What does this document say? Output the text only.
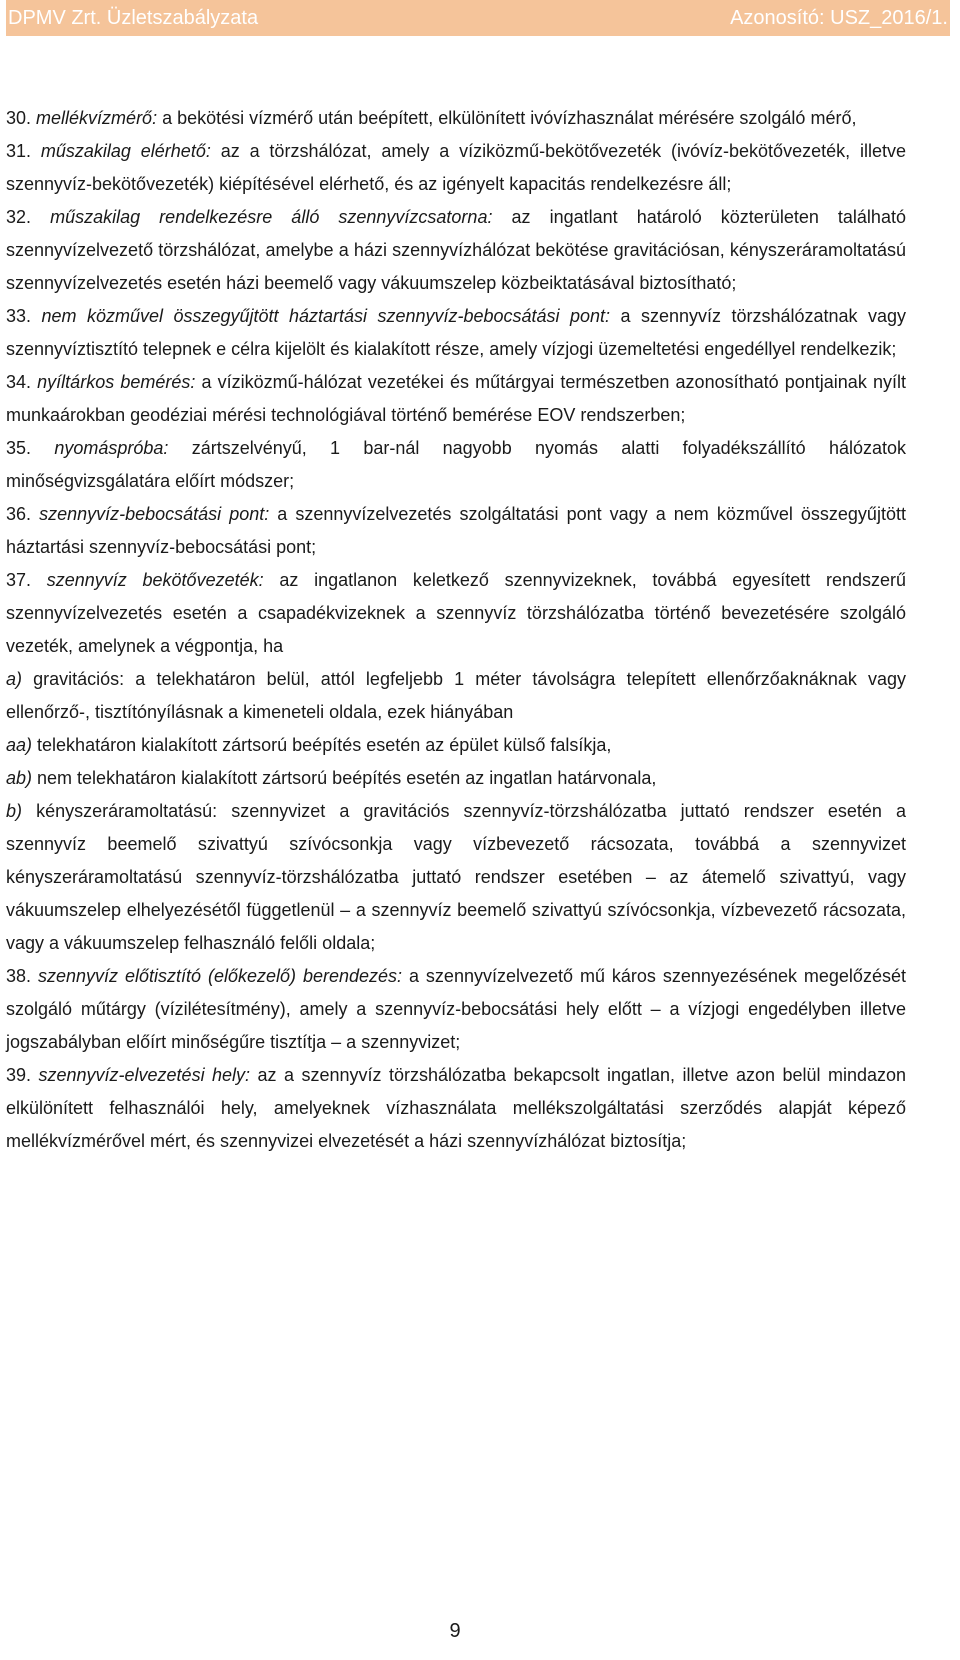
DPMV Zrt. Üzletszabályzata	Azonosító: USZ_2016/1.

30. mellékvízmérő: a bekötési vízmérő után beépített, elkülönített ivóvízhasználat mérésére szolgáló mérő,

31. műszakilag elérhető: az a törzshálózat, amely a víziközmű-bekötővezeték (ivóvíz-bekötővezeték, illetve szennyvíz-bekötővezeték) kiépítésével elérhető, és az igényelt kapacitás rendelkezésre áll;

32. műszakilag rendelkezésre álló szennyvízcsatorna: az ingatlant határoló közterületen található szennyvízelvezető törzshálózat, amelybe a házi szennyvízhálózat bekötése gravitációsan, kényszeráramoltatású szennyvízelvezetés esetén házi beemelő vagy vákuumszelep közbeiktatásával biztosítható;

33. nem közművel összegyűjtött háztartási szennyvíz-bebocsátási pont: a szennyvíz törzshálózatnak vagy szennyvíztisztító telepnek e célra kijelölt és kialakított része, amely vízjogi üzemeltetési engedéllyel rendelkezik;

34. nyíltárkos bemérés: a víziközmű-hálózat vezetékei és műtárgyai természetben azonosítható pontjainak nyílt munkaárokban geodéziai mérési technológiával történő bemérése EOV rendszerben;

35. nyomáspróba: zártszelvényű, 1 bar-nál nagyobb nyomás alatti folyadékszállító hálózatok minőségvizsgálatára előírt módszer;

36. szennyvíz-bebocsátási pont: a szennyvízelvezetés szolgáltatási pont vagy a nem közművel összegyűjtött háztartási szennyvíz-bebocsátási pont;

37. szennyvíz bekötővezeték: az ingatlanon keletkező szennyvizeknek, továbbá egyesített rendszerű szennyvízelvezetés esetén a csapadékvizeknek a szennyvíz törzshálózatba történő bevezetésére szolgáló vezeték, amelynek a végpontja, ha

a) gravitációs: a telekhatáron belül, attól legfeljebb 1 méter távolságra telepített ellenőrzőaknáknak vagy ellenőrző-, tisztítónyílásnak a kimeneteli oldala, ezek hiányában

aa) telekhatáron kialakított zártsorú beépítés esetén az épület külső falsíkja,

ab) nem telekhatáron kialakított zártsorú beépítés esetén az ingatlan határvonala,

b) kényszeráramoltatású: szennyvizet a gravitációs szennyvíz-törzshálózatba juttató rendszer esetén a szennyvíz beemelő szivattyú szívócsonkja vagy vízbevezető rácsozata, továbbá a szennyvizet kényszeráramoltatású szennyvíz-törzshálózatba juttató rendszer esetében – az átemelő szivattyú, vagy vákuumszelep elhelyezésétől függetlenül – a szennyvíz beemelő szivattyú szívócsonkja, vízbevezető rácsozata, vagy a vákuumszelep felhasználó felőli oldala;

38. szennyvíz előtisztító (előkezelő) berendezés: a szennyvízelvezető mű káros szennyezésének megelőzését szolgáló műtárgy (vízilétesítmény), amely a szennyvíz-bebocsátási hely előtt – a vízjogi engedélyben illetve jogszabályban előírt minőségűre tisztítja – a szennyvizet;

39. szennyvíz-elvezetési hely: az a szennyvíz törzshálózatba bekapcsolt ingatlan, illetve azon belül mindazon elkülönített felhasználói hely, amelyeknek vízhasználata mellékszolgáltatási szerződés alapját képező mellékvízmérővel mért, és szennyvizei elvezetését a házi szennyvízhálózat biztosítja;

9
